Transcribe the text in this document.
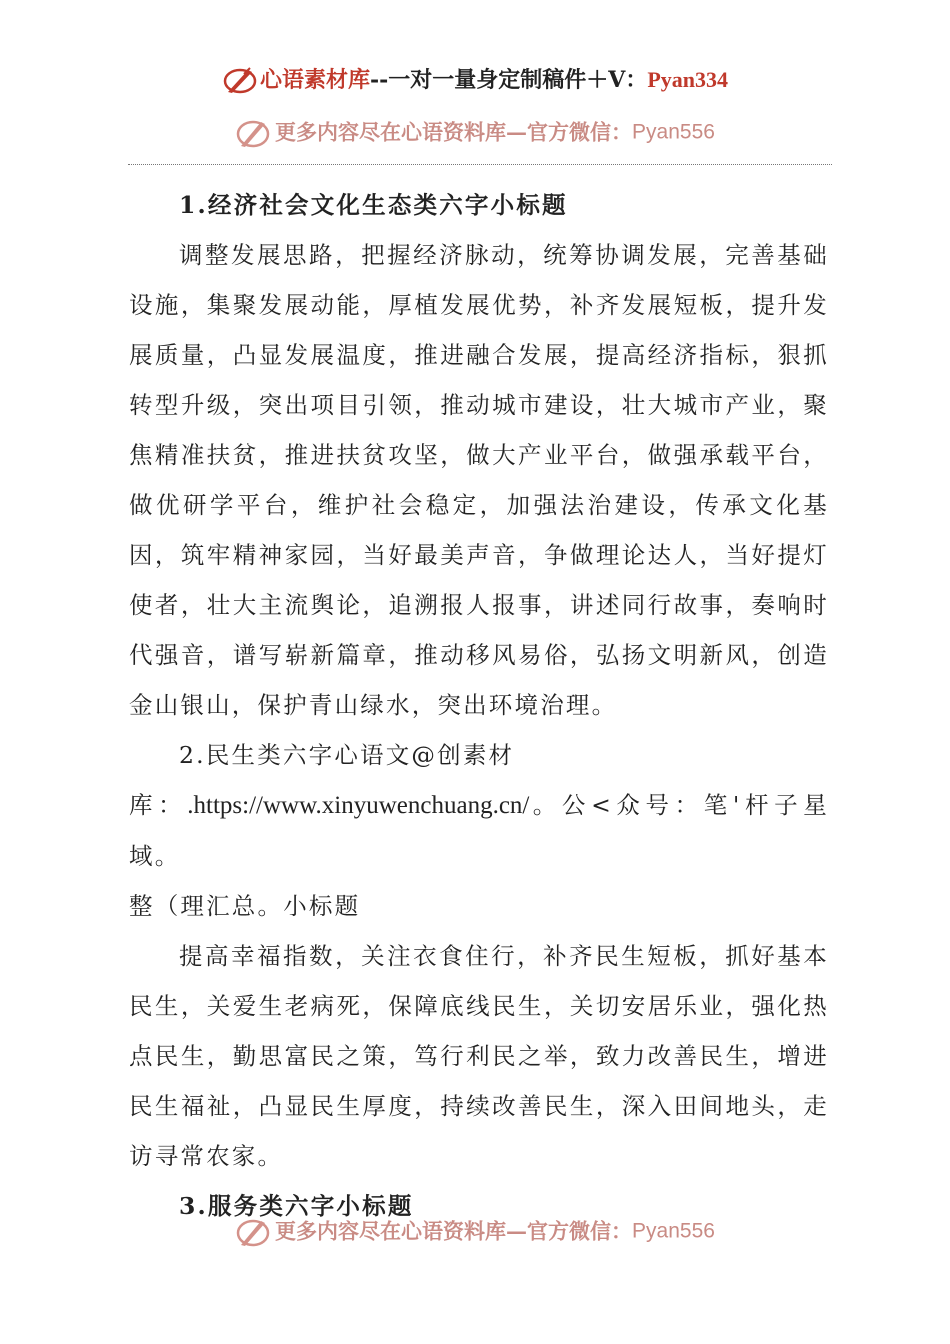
心语素材库--一对一量身定制稿件＋V：Pyan334
更多内容尽在心语资料库—官方微信：Pyan556

1.经济社会文化生态类六字小标题

调整发展思路，把握经济脉动，统筹协调发展，完善基础设施，集聚发展动能，厚植发展优势，补齐发展短板，提升发展质量，凸显发展温度，推进融合发展，提高经济指标，狠抓转型升级，突出项目引领，推动城市建设，壮大城市产业，聚焦精准扶贫，推进扶贫攻坚，做大产业平台，做强承载平台，做优研学平台，维护社会稳定，加强法治建设，传承文化基因，筑牢精神家园，当好最美声音，争做理论达人，当好提灯使者，壮大主流舆论，追溯报人报事，讲述同行故事，奏响时代强音，谱写崭新篇章，推动移风易俗，弘扬文明新风，创造金山银山，保护青山绿水，突出环境治理。

2.民生类六字心语文@创素材

库：.https://www.xinyuwenchuang.cn/。公<众号：笔'杆子星域。

整（理汇总。小标题

提高幸福指数，关注衣食住行，补齐民生短板，抓好基本民生，关爱生老病死，保障底线民生，关切安居乐业，强化热点民生，勤思富民之策，笃行利民之举，致力改善民生，增进民生福祉，凸显民生厚度，持续改善民生，深入田间地头，走访寻常农家。

3.服务类六字小标题

更多内容尽在心语资料库—官方微信：Pyan556
